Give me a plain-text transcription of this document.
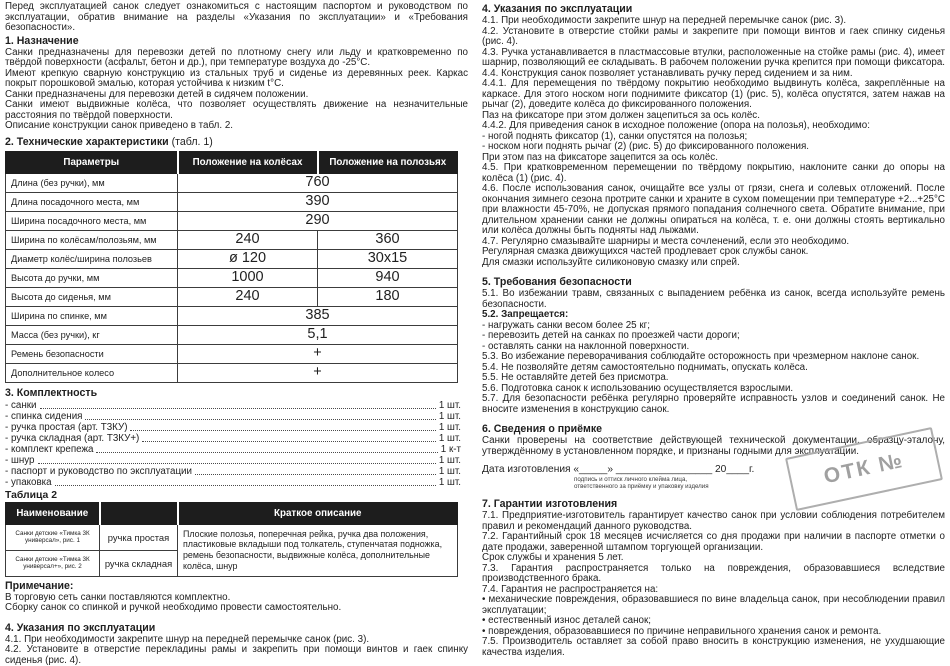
Перед эксплуатацией санок следует ознакомиться с настоящим паспортом и руководством по эксплуатации, обратив внимание на разделы «Указания по эксплуатации» и «Требования безопасности».

1. Назначение

Санки предназначены для перевозки детей по плотному снегу или льду и кратковременно по твёрдой поверхности (асфальт, бетон и др.), при температуре воздуха до -25°С.

Имеют крепкую сварную конструкцию из стальных труб и сиденье из деревянных реек. Каркас покрыт порошковой эмалью, которая устойчива к низким t°С.

Санки предназначены для перевозки детей в сидячем положении.

Санки имеют выдвижные колёса, что позволяет осуществлять движение на незначительные расстояния по твёрдой поверхности.

Описание конструкции санок приведено в табл. 2.

2. Технические характеристики (табл. 1)
Параметры	Положение на колёсах	Положение на полозьях
Длина (без ручки), мм	760	
Длина посадочного места, мм	390	
Ширина посадочного места, мм	290	
Ширина по колёсам/полозьям, мм	240	360
Диаметр колёс/ширина полозьев	ø 120	30х15
Высота до ручки, мм	1000	940
Высота до сиденья, мм	240	180
Ширина по спинке, мм	385	
Масса (без ручки), кг	5,1	
Ремень безопасности	+	
Дополнительное колесо	+	
3. Комплектность
- санки	1 шт.
- спинка сидения	1 шт.
- ручка простая (арт. Т3КУ)	1 шт.
- ручка складная (арт. Т3КУ+)	1 шт.
- комплект крепежа	1 к-т
- шнур	1 шт.
- паспорт и руководство по эксплуатации	1 шт.
- упаковка	1 шт.
Таблица 2
Наименование		Краткое описание
Санки детские «Тимка 3К универсал», рис. 1	ручка простая	Плоские полозья, поперечная рейка, ручка два положения, пластиковые вкладыши под толкатель, ступенчатая подножка, ремень безопасности, выдвижные колёса, дополнительные колёса, шнур
Санки детские «Тимка 3К универсал+», рис. 2	ручка складная	
Примечание:

В торговую сеть санки поставляются комплектно.

Сборку санок со спинкой и ручкой необходимо провести самостоятельно.

4. Указания по эксплуатации

4.1. При необходимости закрепите шнур на передней перемычке санок (рис. 3).

4.2. Установите в отверстие перекладины рамы и закрепить при помощи винтов и гаек спинку сиденья (рис. 4).

4. Указания по эксплуатации

4.1. При необходимости закрепите шнур на передней перемычке санок (рис. 3).

4.2. Установите в отверстие стойки рамы и закрепите при помощи винтов и гаек спинку сиденья (рис. 4).

4.3. Ручка устанавливается в пластмассовые втулки, расположенные на стойке рамы (рис. 4), имеет шарнир, позволяющий ее складывать. В рабочем положении ручка крепится при помощи фиксатора.

4.4. Конструкция санок позволяет устанавливать ручку перед сидением и за ним.

4.4.1. Для перемещения по твёрдому покрытию необходимо выдвинуть колёса, закреплённые на каркасе. Для этого носком ноги поднимите фиксатор (1) (рис. 5), колёса опустятся, затем нажав на рычаг (2), доведите колёса до фиксированного положения.

Паз на фиксаторе при этом должен зацепиться за ось колёс.

4.4.2. Для приведения санок в исходное положение (опора на полозья), необходимо:

- ногой поднять фиксатор (1), санки опустятся на полозья;

- носком ноги поднять рычаг (2) (рис. 5) до фиксированного положения.

При этом паз на фиксаторе зацепится за ось колёс.

4.5. При кратковременном перемещении по твёрдому покрытию, наклоните санки до опоры на колёса (1) (рис. 4).

4.6. После использования санок, очищайте все узлы от грязи, снега и солевых отложений. После окончания зимнего сезона протрите санки и храните в сухом помещении при температуре +2...+25°С при влажности 45-70%, не допуская прямого попадания солнечного света. Обратите внимание, при длительном хранении санки не должны опираться на колёса, т. е. они должны стоять вертикально или колёса должны быть подняты над лыжами.

4.7. Регулярно смазывайте шарниры и места сочленений, если это необходимо.

Регулярная смазка движущихся частей продлевает срок службы санок.

Для смазки используйте силиконовую смазку или спрей.

5. Требования безопасности

5.1. Во избежании травм, связанных с выпадением ребёнка из санок, всегда используйте ремень безопасности.

5.2. Запрещается:

- нагружать санки весом более 25 кг;

- перевозить детей на санках по проезжей части дороги;

- оставлять санки на наклонной поверхности.

5.3. Во избежание переворачивания соблюдайте осторожность при чрезмерном наклоне санок.

5.4. Не позволяйте детям самостоятельно поднимать, опускать колёса.

5.5. Не оставляйте детей без присмотра.

5.6. Подготовка санок к использованию осуществляется взрослыми.

5.7. Для безопасности ребёнка регулярно проверяйте исправность узлов и соединений санок. Не вносите изменения в конструкцию санок.

6. Сведения о приёмке

Санки проверены на соответствие действующей технической документации, образцу-эталону, утверждённому в установленном порядке, и признаны годными для эксплуатации.

Дата изготовления «_____» _________________ 20____г.
подпись и оттиск личного клейма лица,
ответственного за приёмку и упаковку изделия	ОТК №
7. Гарантии изготовления

7.1. Предприятие-изготовитель гарантирует качество санок при условии соблюдения потребителем правил и рекомендаций данного руководства.

7.2. Гарантийный срок 18 месяцев исчисляется со дня продажи при наличии в паспорте отметки о дате продажи, заверенной штампом торгующей организации.

Срок службы и хранения 5 лет.

7.3. Гарантия распространяется только на повреждения, образовавшиеся вследствие производственного брака.

7.4. Гарантия не распространяется на:

• механические повреждения, образовавшиеся по вине владельца санок, при несоблюдении правил эксплуатации;

• естественный износ деталей санок;

• повреждения, образовавшиеся по причине неправильного хранения санок и ремонта.

7.5. Производитель оставляет за собой право вносить в конструкцию изменения, не ухудшающие качества изделия.
